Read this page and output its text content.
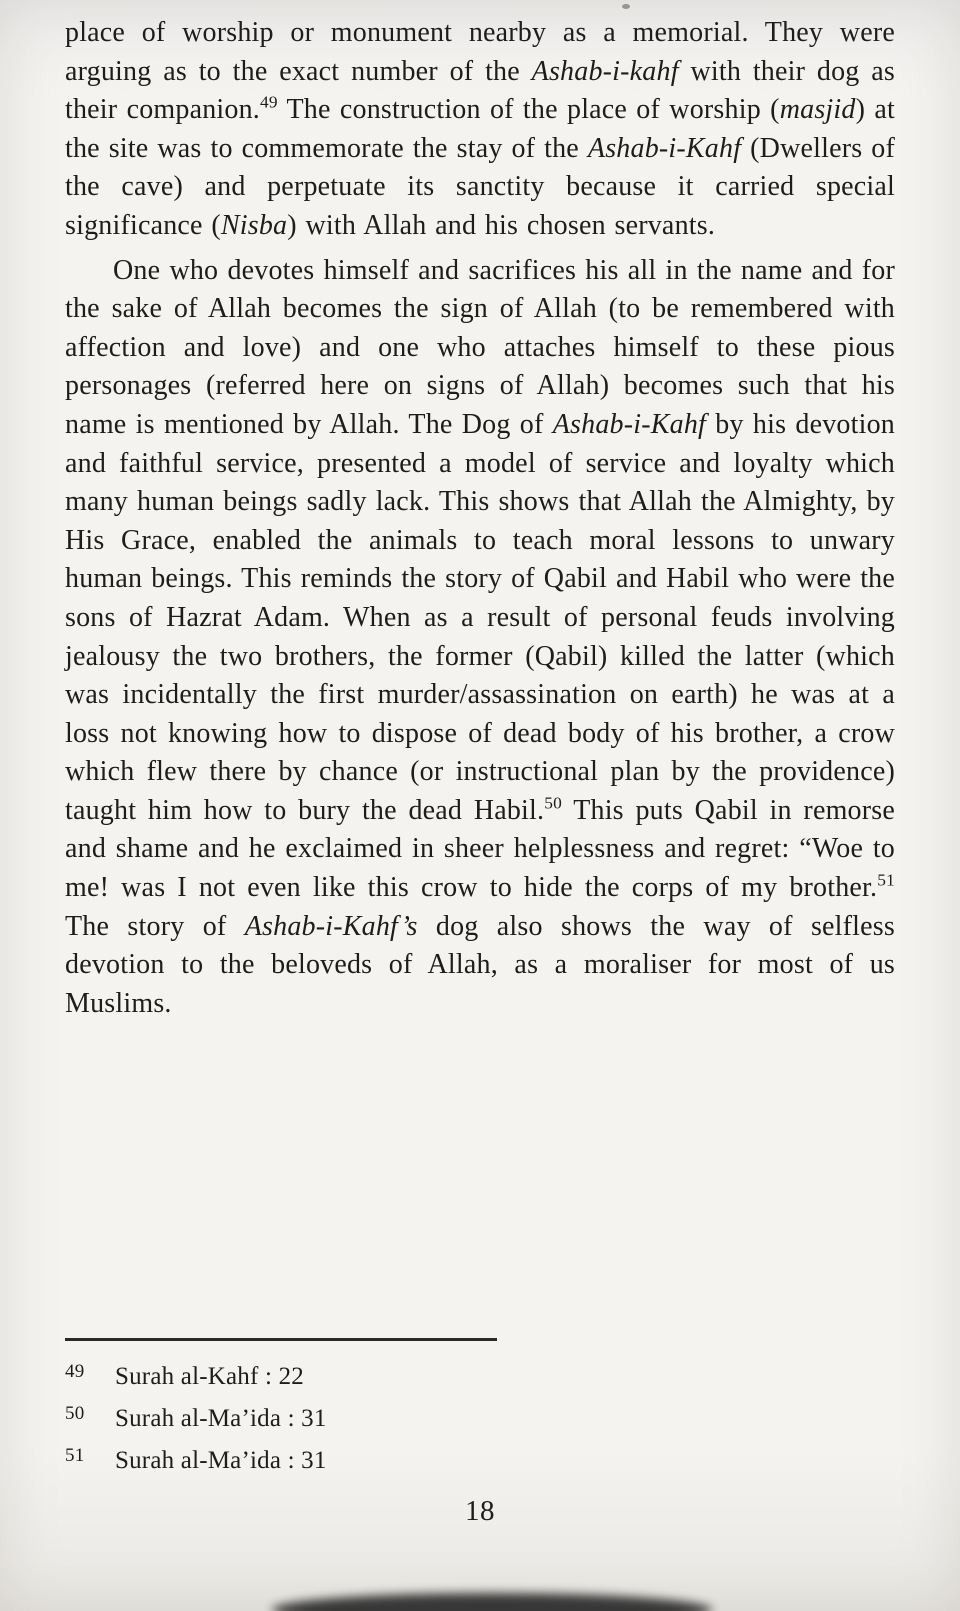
place of worship or monument nearby as a memorial. They were arguing as to the exact number of the Ashab-i-kahf with their dog as their companion.$^{49}$ The construction of the place of worship (masjid) at the site was to commemorate the stay of the Ashab-i-Kahf (Dwellers of the cave) and perpetuate its sanctity because it carried special significance (Nisba) with Allah and his chosen servants.

One who devotes himself and sacrifices his all in the name and for the sake of Allah becomes the sign of Allah (to be remembered with affection and love) and one who attaches himself to these pious personages (referred here on signs of Allah) becomes such that his name is mentioned by Allah. The Dog of Ashab-i-Kahf by his devotion and faithful service, presented a model of service and loyalty which many human beings sadly lack. This shows that Allah the Almighty, by His Grace, enabled the animals to teach moral lessons to unwary human beings. This reminds the story of Qabil and Habil who were the sons of Hazrat Adam. When as a result of personal feuds involving jealousy the two brothers, the former (Qabil) killed the latter (which was incidentally the first murder/assassination on earth) he was at a loss not knowing how to dispose of dead body of his brother, a crow which flew there by chance (or instructional plan by the providence) taught him how to bury the dead Habil.$^{50}$ This puts Qabil in remorse and shame and he exclaimed in sheer helplessness and regret: “Woe to me! was I not even like this crow to hide the corps of my brother.$^{51}$ The story of Ashab-i-Kahf’s dog also shows the way of selfless devotion to the beloveds of Allah, as a moraliser for most of us Muslims.

49	Surah al-Kahf : 22
50	Surah al-Ma’ida : 31
51	Surah al-Ma’ida : 31
18
